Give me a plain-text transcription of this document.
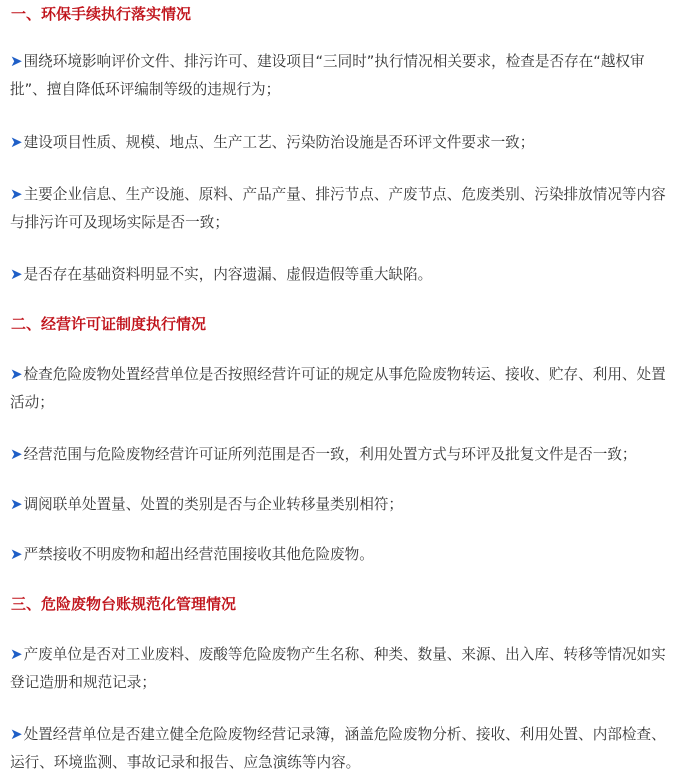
一、环保手续执行落实情况
➤围绕环境影响评价文件、排污许可、建设项目“三同时”执行情况相关要求，检查是否存在“越权审批”、擅自降低环评编制等级的违规行为；
➤建设项目性质、规模、地点、生产工艺、污染防治设施是否环评文件要求一致；
➤主要企业信息、生产设施、原料、产品产量、排污节点、产废节点、危废类别、污染排放情况等内容与排污许可及现场实际是否一致；
➤是否存在基础资料明显不实，内容遗漏、虚假造假等重大缺陷。
二、经营许可证制度执行情况
➤检查危险废物处置经营单位是否按照经营许可证的规定从事危险废物转运、接收、贮存、利用、处置活动；
➤经营范围与危险废物经营许可证所列范围是否一致，利用处置方式与环评及批复文件是否一致；
➤调阅联单处置量、处置的类别是否与企业转移量类别相符；
➤严禁接收不明废物和超出经营范围接收其他危险废物。
三、危险废物台账规范化管理情况
➤产废单位是否对工业废料、废酸等危险废物产生名称、种类、数量、来源、出入库、转移等情况如实登记造册和规范记录；
➤处置经营单位是否建立健全危险废物经营记录簿，涵盖危险废物分析、接收、利用处置、内部检查、运行、环境监测、事故记录和报告、应急演练等内容。
